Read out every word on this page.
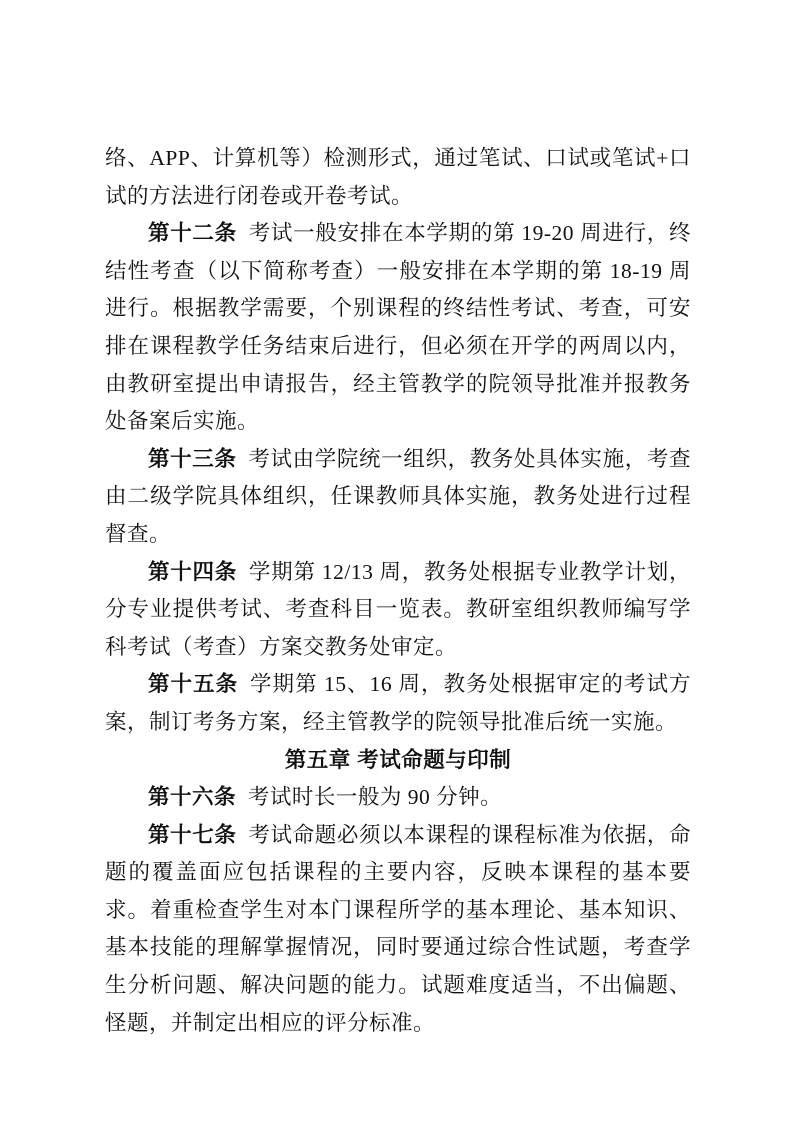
络、APP、计算机等）检测形式，通过笔试、口试或笔试+口试的方法进行闭卷或开卷考试。

第十二条 考试一般安排在本学期的第 19-20 周进行，终结性考查（以下简称考查）一般安排在本学期的第 18-19 周进行。根据教学需要，个别课程的终结性考试、考查，可安排在课程教学任务结束后进行，但必须在开学的两周以内，由教研室提出申请报告，经主管教学的院领导批准并报教务处备案后实施。

第十三条 考试由学院统一组织，教务处具体实施，考查由二级学院具体组织，任课教师具体实施，教务处进行过程督查。

第十四条 学期第 12/13 周，教务处根据专业教学计划，分专业提供考试、考查科目一览表。教研室组织教师编写学科考试（考查）方案交教务处审定。

第十五条 学期第 15、16 周，教务处根据审定的考试方案，制订考务方案，经主管教学的院领导批准后统一实施。

第五章 考试命题与印制

第十六条 考试时长一般为 90 分钟。

第十七条 考试命题必须以本课程的课程标准为依据，命题的覆盖面应包括课程的主要内容，反映本课程的基本要求。着重检查学生对本门课程所学的基本理论、基本知识、基本技能的理解掌握情况，同时要通过综合性试题，考查学生分析问题、解决问题的能力。试题难度适当，不出偏题、怪题，并制定出相应的评分标准。
